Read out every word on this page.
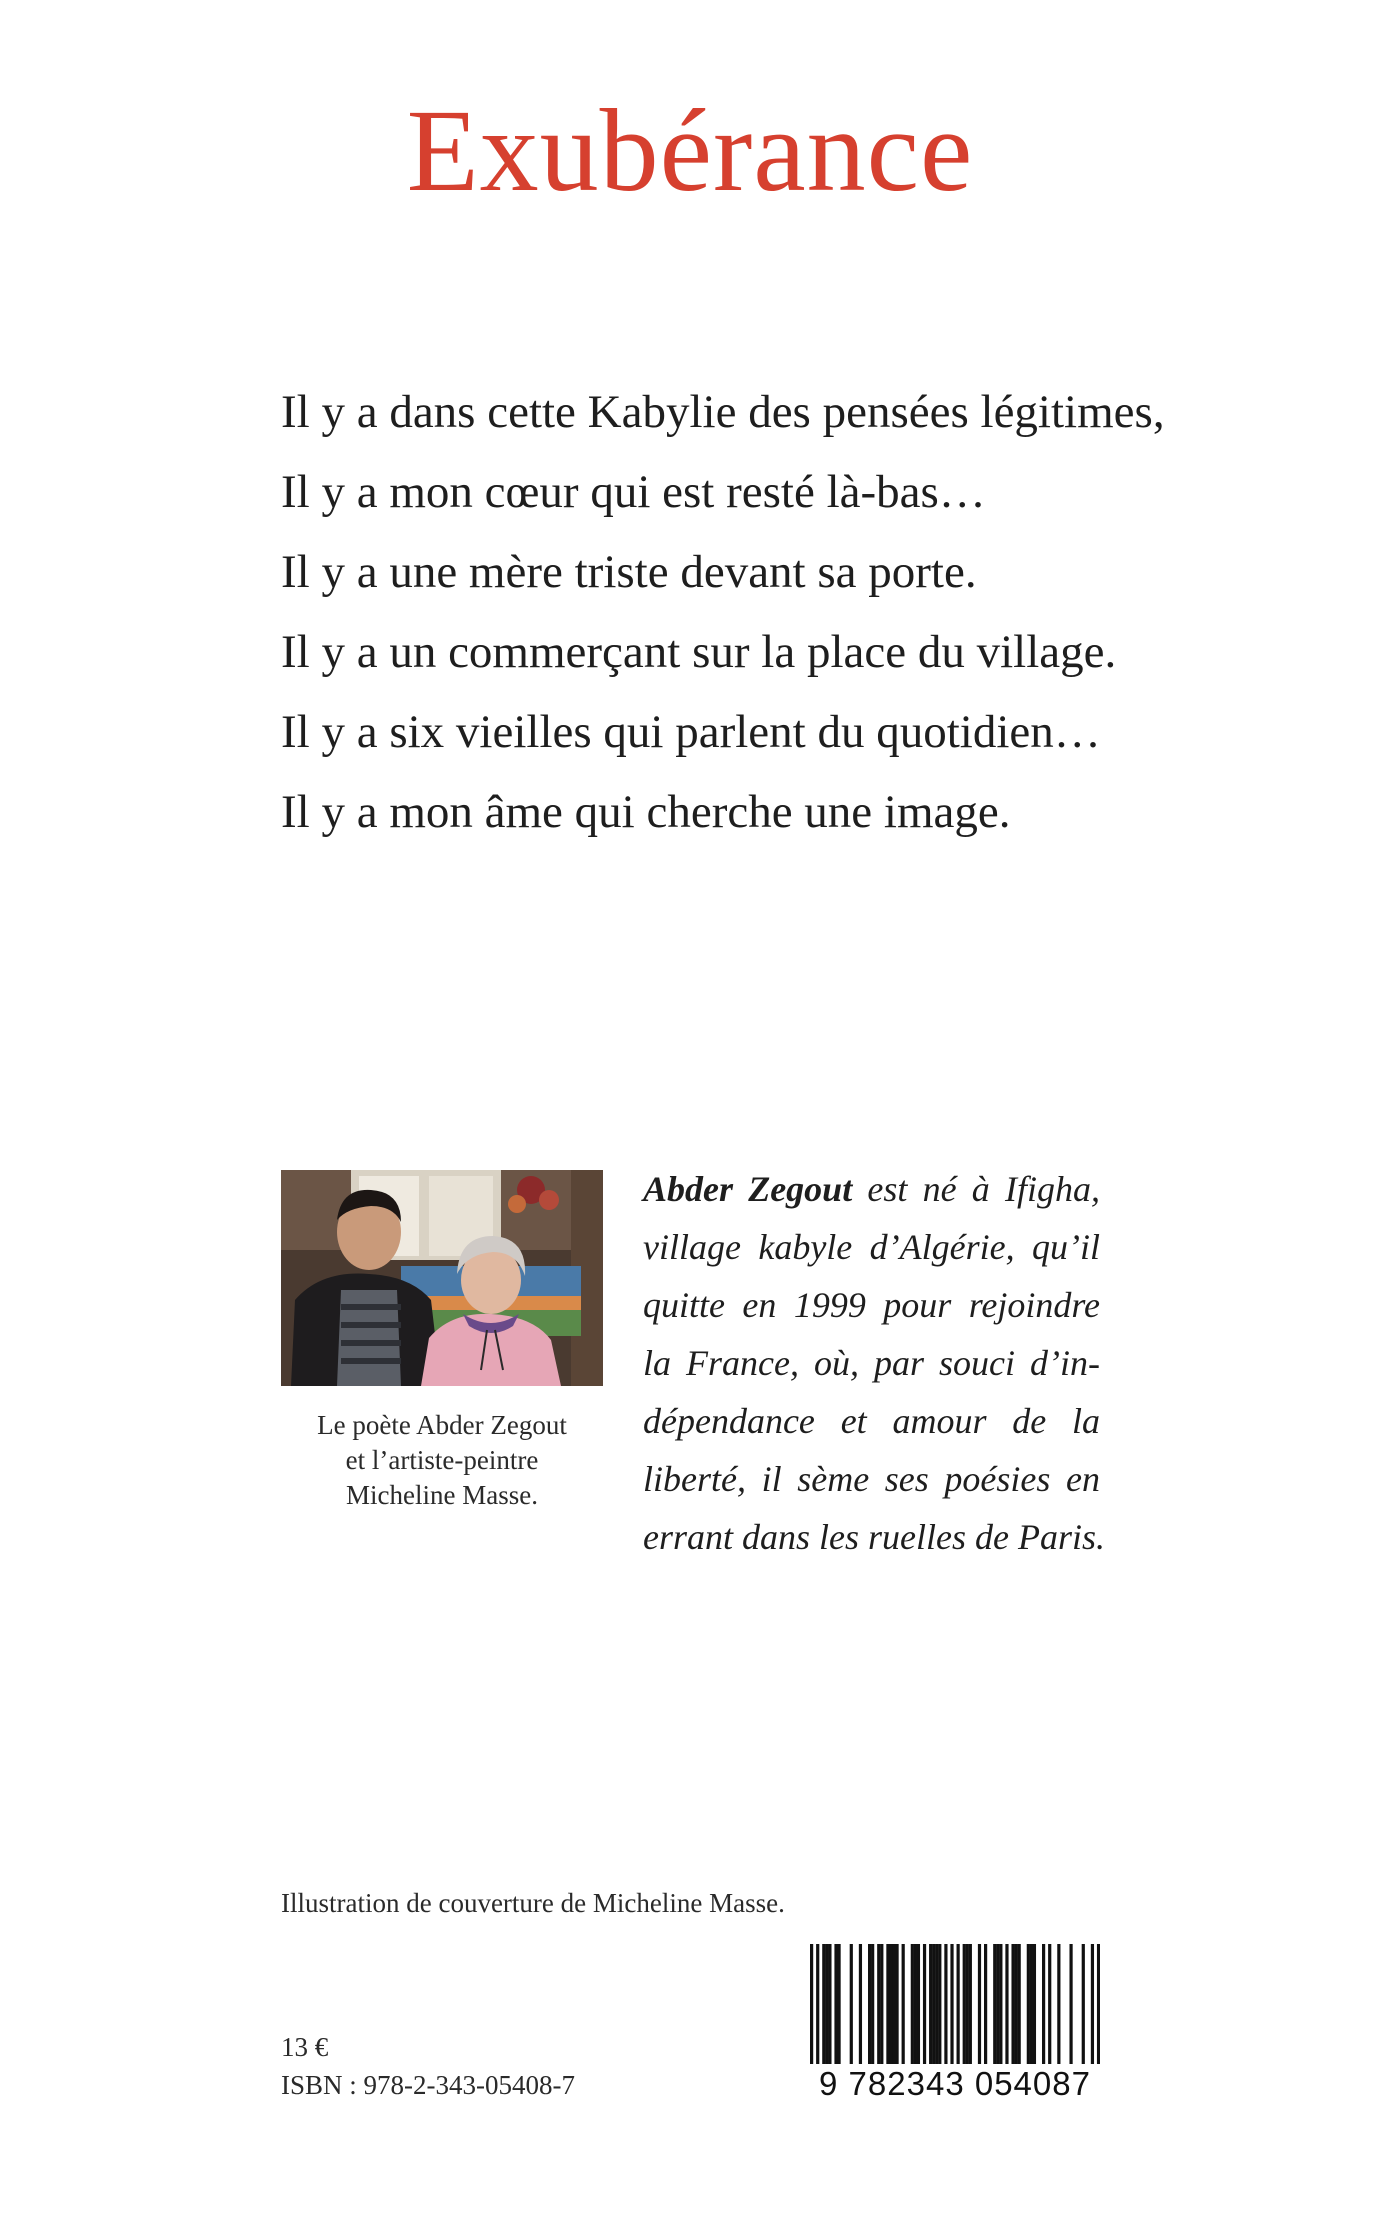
Exubérance
Il y a dans cette Kabylie des pensées légitimes,
Il y a mon cœur qui est resté là-bas…
Il y a une mère triste devant sa porte.
Il y a un commerçant sur la place du village.
Il y a six vieilles qui parlent du quotidien…
Il y a mon âme qui cherche une image.
Le poète Abder Zegout
et l’artiste-peintre
Micheline Masse.
Abder Zegout est né à Ifigha,
village kabyle d’Algérie, qu’il
quitte en 1999 pour rejoindre
la France, où, par souci d’in-
dépendance et amour de la
liberté, il sème ses poésies en
errant dans les ruelles de Paris.
Illustration de couverture de Micheline Masse.
13 €
ISBN : 978-2-343-05408-7	9 782343 054087
